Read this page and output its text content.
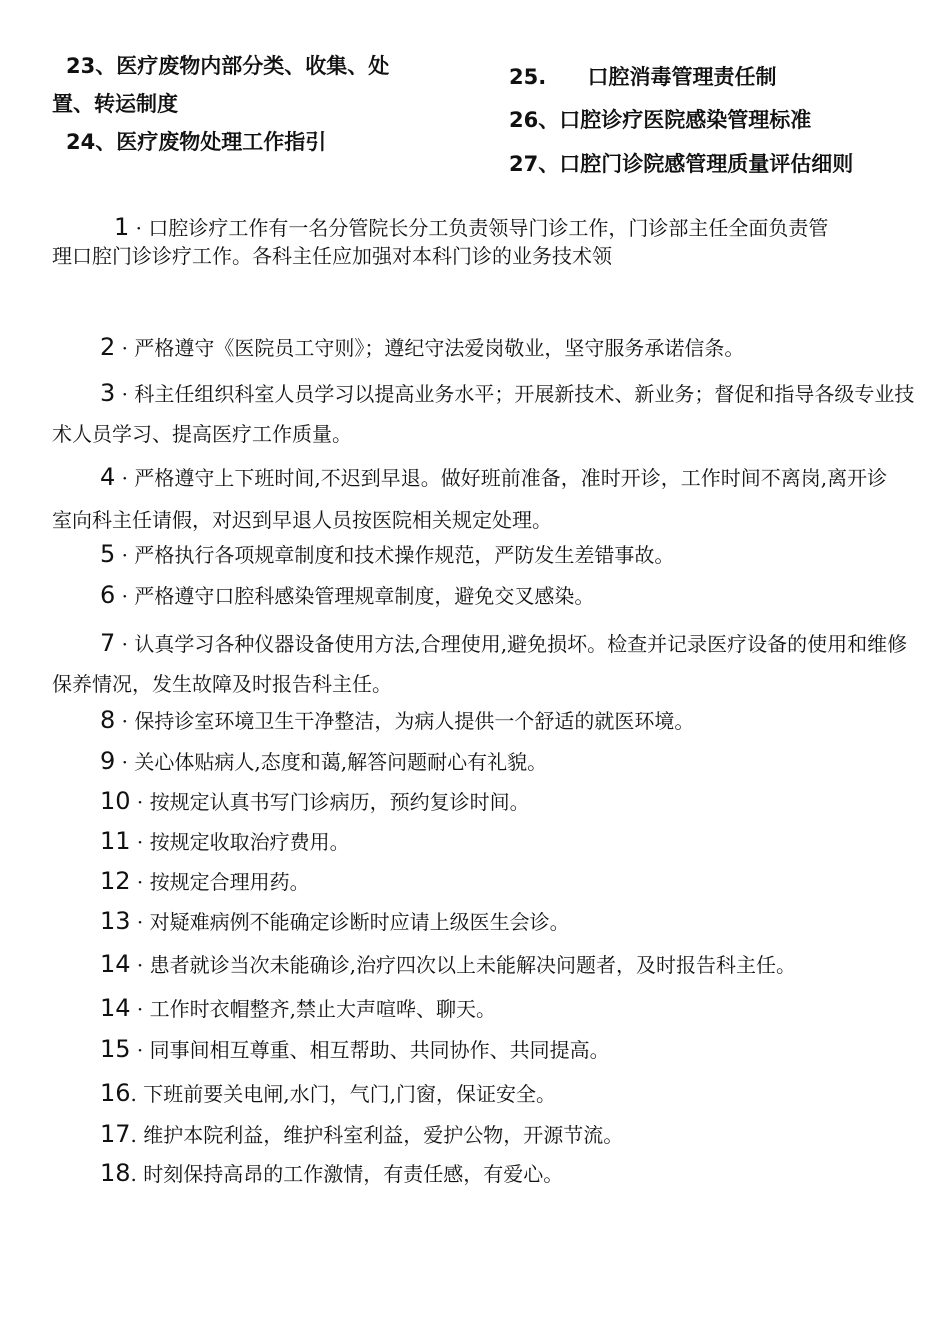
23、医疗废物内部分类、收集、处
置、转运制度
24、医疗废物处理工作指引
25. 口腔消毒管理责任制
26、口腔诊疗医院感染管理标准
27、口腔门诊院感管理质量评估细则

1 · 口腔诊疗工作有一名分管院长分工负责领导门诊工作，门诊部主任全面负责管理口腔门诊诊疗工作。各科主任应加强对本科门诊的业务技术领

2 · 严格遵守《医院员工守则》；遵纪守法爱岗敬业，坚守服务承诺信条。

3 · 科主任组织科室人员学习以提高业务水平；开展新技术、新业务；督促和指导各级专业技术人员学习、提高医疗工作质量。

4 · 严格遵守上下班时间,不迟到早退。做好班前准备，准时开诊，工作时间不离岗,离开诊室向科主任请假，对迟到早退人员按医院相关规定处理。

5 · 严格执行各项规章制度和技术操作规范，严防发生差错事故。

6 · 严格遵守口腔科感染管理规章制度，避免交叉感染。

7 · 认真学习各种仪器设备使用方法,合理使用,避免损坏。检查并记录医疗设备的使用和维修保养情况，发生故障及时报告科主任。

8 · 保持诊室环境卫生干净整洁，为病人提供一个舒适的就医环境。

9 · 关心体贴病人,态度和蔼,解答问题耐心有礼貌。

10 · 按规定认真书写门诊病历，预约复诊时间。

11 · 按规定收取治疗费用。

12 · 按规定合理用药。

13 · 对疑难病例不能确定诊断时应请上级医生会诊。

14 · 患者就诊当次未能确诊,治疗四次以上未能解决问题者，及时报告科主任。

14 · 工作时衣帽整齐,禁止大声喧哗、聊天。

15 · 同事间相互尊重、相互帮助、共同协作、共同提高。

16. 下班前要关电闸,水门，气门,门窗，保证安全。

17. 维护本院利益，维护科室利益，爱护公物，开源节流。

18. 时刻保持高昂的工作激情，有责任感，有爱心。
